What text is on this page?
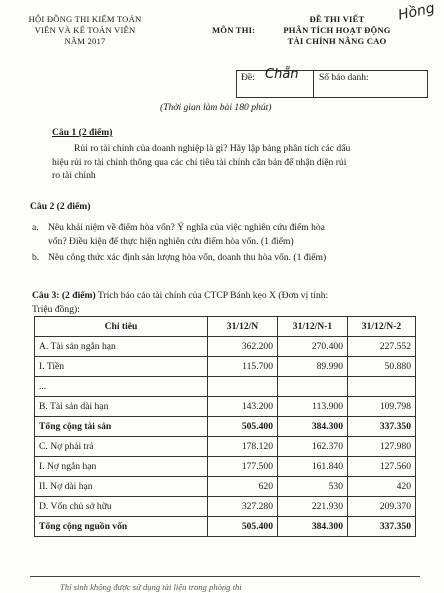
HỘI ĐỒNG THI KIỂM TOÁN
VIÊN VÀ KẾ TOÁN VIÊN
NĂM 2017
MÔN THI:
ĐỀ THI VIẾT
PHÂN TÍCH HOẠT ĐỘNG
TÀI CHÍNH NÂNG CAO
Hồng
Đề: Chẵn Số báo danh:
(Thời gian làm bài 180 phút)
Câu 1 (2 điểm)
Rủi ro tài chính của doanh nghiệp là gì? Hãy lập bảng phân tích các dấu
hiệu rủi ro tài chính thông qua các chỉ tiêu tài chính căn bản để nhận diện rủi
ro tài chính
Câu 2 (2 điểm)
a. Nêu khái niệm về điểm hòa vốn? Ý nghĩa của việc nghiên cứu điểm hòa
vốn? Điều kiện để thực hiện nghiên cứu điểm hòa vốn. (1 điểm)
b. Nêu công thức xác định sản lượng hòa vốn, doanh thu hòa vốn. (1 điểm)
Câu 3: (2 điểm) Trích báo cáo tài chính của CTCP Bánh kẹo X (Đơn vị tính:
Triệu đồng):
Chỉ tiêu	31/12/N	31/12/N-1	31/12/N-2
A. Tài sản ngắn hạn	362.200	270.400	227.552
I. Tiền	115.700	89.990	50.880
...			
B. Tài sản dài hạn	143.200	113.900	109.798
Tổng cộng tài sản	505.400	384.300	337.350
C. Nợ phải trả	178.120	162.370	127.980
I. Nợ ngắn hạn	177.500	161.840	127.560
II. Nợ dài hạn	620	530	420
D. Vốn chủ sở hữu	327.280	221.930	209.370
Tổng cộng nguồn vốn	505.400	384.300	337.350
Thí sinh không được sử dụng tài liệu trong phòng thi
